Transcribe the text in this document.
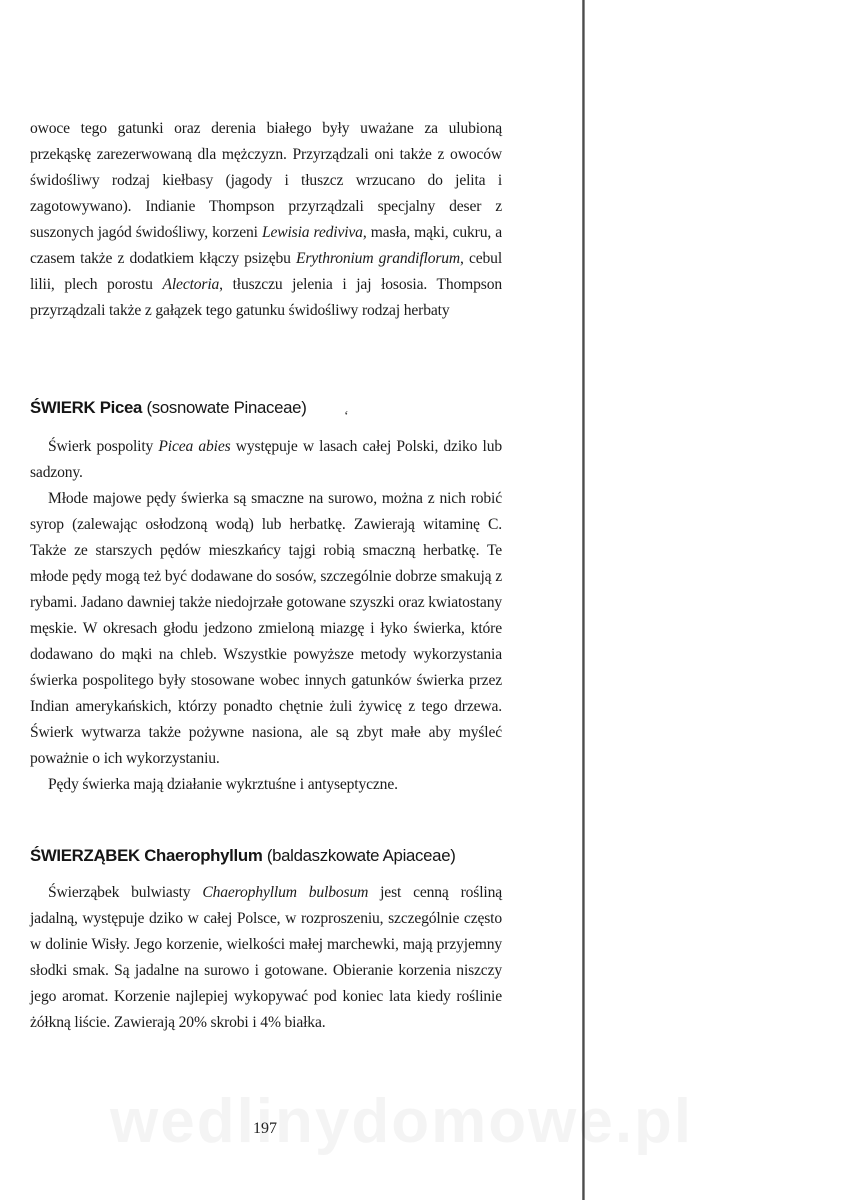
owoce tego gatunki oraz derenia białego były uważane za ulubioną przekąskę zarezerwowaną dla mężczyzn. Przyrządzali oni także z owoców świdośliwy rodzaj kiełbasy (jagody i tłuszcz wrzucano do jelita i zagotowywano). Indianie Thompson przyrządzali specjalny deser z suszonych jagód świdośliwy, korzeni Lewisia rediviva, masła, mąki, cukru, a czasem także z dodatkiem kłączy psizębu Erythronium grandiflorum, cebul lilii, plech porostu Alectoria, tłuszczu jelenia i jaj łososia. Thompson przyrządzali także z gałązek tego gatunku świdośliwy rodzaj herbaty

ŚWIERK Picea (sosnowate Pinaceae)	ʻ

Świerk pospolity Picea abies występuje w lasach całej Polski, dziko lub sadzony.

Młode majowe pędy świerka są smaczne na surowo, można z nich robić syrop (zalewając osłodzoną wodą) lub herbatkę. Zawierają witaminę C. Także ze starszych pędów mieszkańcy tajgi robią smaczną herbatkę. Te młode pędy mogą też być dodawane do sosów, szczególnie dobrze smakują z rybami. Jadano dawniej także niedojrzałe gotowane szyszki oraz kwiatostany męskie. W okresach głodu jedzono zmieloną miazgę i łyko świerka, które dodawano do mąki na chleb. Wszystkie powyższe metody wykorzystania świerka pospolitego były stosowane wobec innych gatunków świerka przez Indian amerykańskich, którzy ponadto chętnie żuli żywicę z tego drzewa. Świerk wytwarza także pożywne nasiona, ale są zbyt małe aby myśleć poważnie o ich wykorzystaniu.

Pędy świerka mają działanie wykrztuśne i antyseptyczne.

ŚWIERZĄBEK Chaerophyllum (baldaszkowate Apiaceae)

Świerząbek bulwiasty Chaerophyllum bulbosum jest cenną rośliną jadalną, występuje dziko w całej Polsce, w rozproszeniu, szczególnie często w dolinie Wisły. Jego korzenie, wielkości małej marchewki, mają przyjemny słodki smak. Są jadalne na surowo i gotowane. Obieranie korzenia niszczy jego aromat. Korzenie najlepiej wykopywać pod koniec lata kiedy roślinie żółkną liście. Zawierają 20% skrobi i 4% białka.

197
